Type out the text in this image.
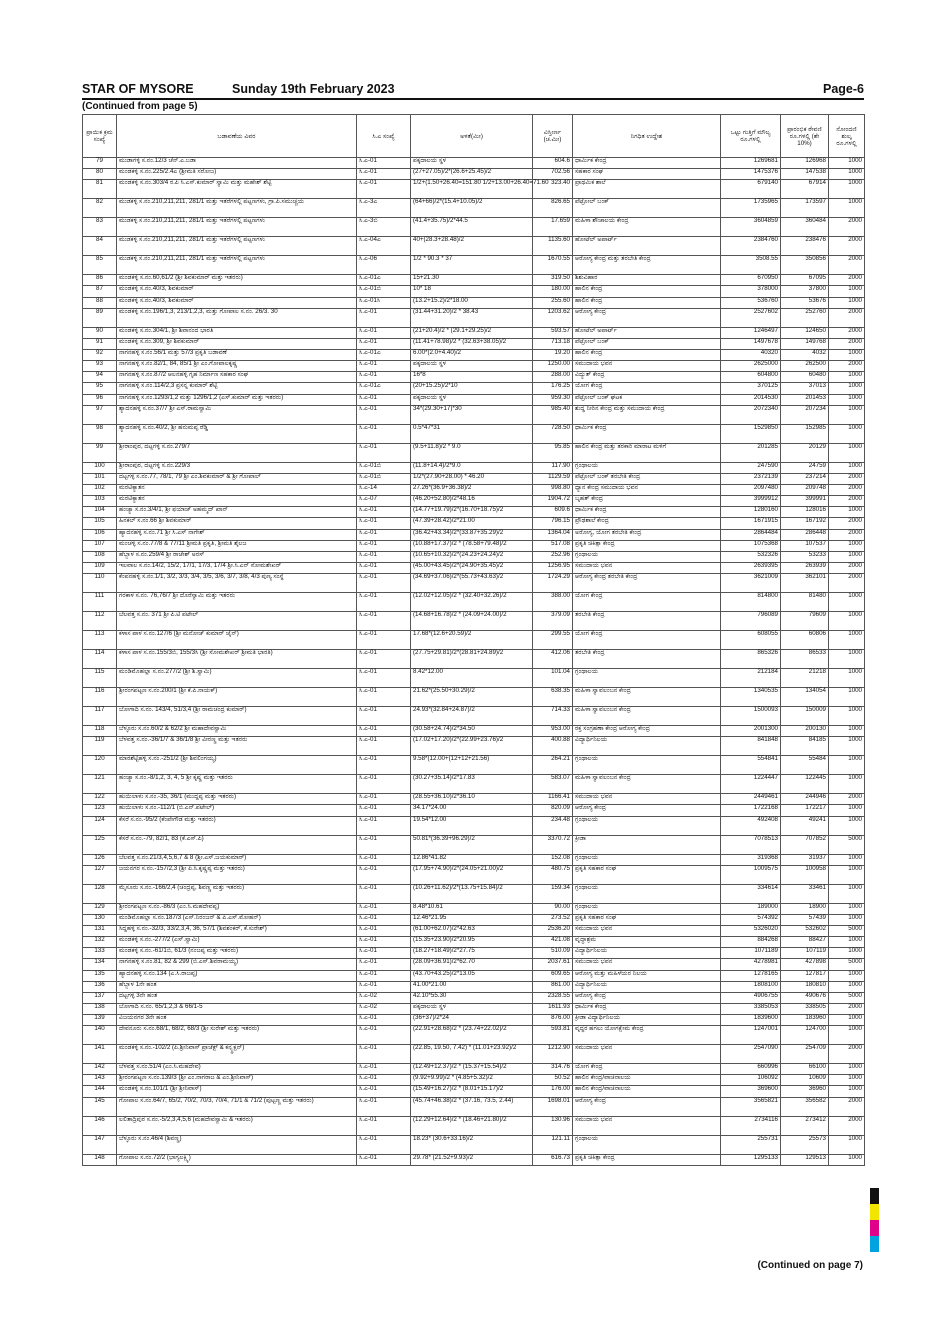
STAR OF MYSORE	Sunday 19th February 2023	Page-6
(Continued from page 5)
ಪ್ರಾಯಿಕ ಕ್ರಮ ಸಂಖ್ಯೆ	ಬಡಾವಣೆಯ ವಿವರ	ಸಿ.ಎ ಸಂಖ್ಯೆ	ಅಳತೆ(ಮೀ)	ವಿಸ್ತೀರ್ಣ (ಚ.ಮೀ)	ನಿಗಧಿತ ಉದ್ದೇಶ	ಒಟ್ಟು ಗುತ್ತಿಗೆ ಮೌಲ್ಯ ರೂ.ಗಳಲ್ಲಿ	ಪ್ರಾರಂಭಿಕ ಠೇವಣಿ ರೂ.ಗಳಲ್ಲಿ (ಶೇ 10%)	ನೋಂದಣಿ ಶುಲ್ಕ ರೂ.ಗಳಲ್ಲಿ
79	ಮುಡಾಗಳ್ಳಿ ಸ.ನಂ.12/3 ಚೆನ್.ಎ.ಬಡಾ	ಸಿ.ಎ-01	ಪಕ್ಕದಾಲಯ ಸ್ಥಳ	604.6	ಧಾರ್ಮಿಕ ಕೇಂದ್ರ	1269681	126968	1000
80	ಮಂಡಕಳ್ಳಿ ಸ.ನಂ.225/2.4ಎ (ಶ್ರೀಮತಿ ಸರೋಜ)	ಸಿ.ಎ-01	(27+27.05)/2*(26.6+25.45)/2	702.56	ಸಹಕಾರ ಸಂಘ	1475376	147538	1000
81	ಮಂಡಕಳ್ಳಿ ಸ.ನಂ.303/4 ರ.ಪಿ ಸಿ.ಎಸ್.ಕುಮಾರ್ ಸ್ವಾಮಿ ಮತ್ತು ಮಹೇಶ್ ಶೆಟ್ಟಿ	ಸಿ.ಎ-01	1/2+(1.50+26.40=151.80 1/2+13.00+26.40=71.60	323.40	ಪ್ರಾಥಮಿಕ ಶಾಲೆ	679140	67914	1000
82	ಮುಡಕಳ್ಳಿ ಸ.ನಂ.210,211,211, 281/1 ಮತ್ತು ಇತರೆಗಳಲ್ಲಿ ಪಟ್ಟಣಗಳು, ಗ್ರಾ.ಪಿ.ಸಮುಚ್ಚಯ	ಸಿ.ಎ-3ಎ	(64+66)/2*(15.4+10.05)/2	826.65	ಪೆಟ್ರೋಲ್ ಬಂಕ್	1735965	173597	1000
83	ಮುಡಕಳ್ಳಿ ಸ.ನಂ.210,211,211, 281/1 ಮತ್ತು ಇತರೆಗಳಲ್ಲಿ ಪಟ್ಟಣಗಳು	ಸಿ.ಎ-3ಬಿ	(41.4+35.75)/2*44.5	17.659	ಮಹಿಳಾ ಶೌಚಾಲಯ ಕೇಂದ್ರ	3604859	360484	2000
84	ಮುಡಕಳ್ಳಿ ಸ.ನಂ.210,211,211, 281/1 ಮತ್ತು ಇತರೆಗಳಲ್ಲಿ ಪಟ್ಟಣಗಳು	ಸಿ.ಎ-04ಎ	40+(28.3+28.48)/2	1135.60	ಹೋಟೆಲ್ ಅಪಾರ್ಟ್	2384760	238476	2000
85	ಮುಡಕಳ್ಳಿ ಸ.ನಂ.210,211,211, 281/1 ಮತ್ತು ಇತರೆಗಳಲ್ಲಿ ಪಟ್ಟಣಗಳು	ಸಿ.ಎ-06	1/2 * 90.3 * 37	1670.55	ಆರೋಗ್ಯ ಕೇಂದ್ರ ಮತ್ತು ತರಬೇತಿ ಕೇಂದ್ರ	3508.55	350856	2000
86	ಮಂಡಕಳ್ಳಿ ಸ.ನಂ.60,61/2 (ಶ್ರೀ ಶಿವಕುಮಾರ್ ಮತ್ತು ಇತರರು)	ಸಿ.ಎ-01ಎ	15+21.30	319.50	ಶಿಶುವಿಹಾರ	670950	67095	2000
87	ಮಂಡಕಳ್ಳಿ ಸ.ನಂ.40/3, ಶಿವಕುಮಾರ್	ಸಿ.ಎ-01ಬಿ	10* 18	180.00	ಹಾಲಿನ ಕೇಂದ್ರ	378000	37800	1000
88	ಮಂಡಕಳ್ಳಿ ಸ.ನಂ.40/3, ಶಿವಕುಮಾರ್	ಸಿ.ಎ-01ಸಿ	(13.2+15.2)/2*18.00	255.60	ಹಾಲಿನ ಕೇಂದ್ರ	536760	53676	1000
89	ಮಂಡಕಳ್ಳಿ ಸ.ನಂ.196/1,3, 213/1,2,3, ಮತ್ತು ಗೋಪಾಲ ಸ.ನಂ. 26/3. 30	ಸಿ.ಎ-01	(31.44+31.20)/2 * 38.43	1203.62	ಆರೋಗ್ಯ ಕೇಂದ್ರ	2527602	252760	2000
90	ಮಂಡಕಳ್ಳಿ ಸ.ನಂ.304/1, ಶ್ರೀ ಶಿವಾನಂದ ಭಾರತಿ	ಸಿ.ಎ-01	(21+20.4)/2 * (29.1+29.25)/2	593.57	ಹೋಟೆಲ್ ಅಪಾರ್ಟ್	1246497	124650	2000
91	ಮಂಡಕಳ್ಳಿ ಸ.ನಂ.309, ಶ್ರೀ ಶಿವಕುಮಾರ್	ಸಿ.ಎ-01	(11.41+78.98)/2 * (32.63+38.05)/2	713.18	ಪೆಟ್ರೋಲ್ ಬಂಕ್	1497678	149768	2000
92	ನಾಗನಹಳ್ಳಿ ಸ.ನಂ.56/1 ಮತ್ತು 57/3 ಪ್ರಕೃತಿ ಬಡಾವಣೆ	ಸಿ.ಎ-01ಎ	6.00*(2.0+4.40)/2	19.20	ಹಾಲಿನ ಕೇಂದ್ರ	40320	4032	1000
93	ನಾಗನಹಳ್ಳಿ ಸ.ನಂ.82/1, 84, 85/1 ಶ್ರೀ ಎಂ.ಗೋಪಾಲಕೃಷ್ಣ	ಸಿ.ಎ-01	ಪಕ್ಕದಾಲಯ ಸ್ಥಳ	1250.00	ಸಮುದಾಯ ಭವನ	2625000	262500	2000
94	ನಾಗನಹಳ್ಳಿ ಸ.ನಂ.87/2 ಆಲನಹಳ್ಳಿ ಗೃಹ ನಿರ್ಮಾಣ ಸಹಕಾರ ಸಂಘ	ಸಿ.ಎ-01	16*8	288.00	ವಿದ್ಯುತ್ ಕೇಂದ್ರ	604800	60480	1000
95	ನಾಗನಹಳ್ಳಿ ಸ.ನಂ.114/2,3 ಪ್ರಸನ್ನ ಕುಮಾರ್ ಶೆಟ್ಟಿ	ಸಿ.ಎ-01ಎ	(20+15.25)/2*10	176.25	ಯೋಗ ಕೇಂದ್ರ	370125	37013	1000
96	ನಾಗನಹಳ್ಳಿ ಸ.ನಂ.1293/1,2 ಮತ್ತು 1296/1,2 (ಎಸ್.ಕುಮಾರ್ ಮತ್ತು ಇತರರು)	ಸಿ.ಎ-01	ಪಕ್ಕದಾಲಯ ಸ್ಥಳ	959.30	ಪೆಟ್ರೋಲ್ ಬಂಕ್ ಘಟಕ	2014530	201453	1000
97	ಶ್ಯಾದನಹಳ್ಳಿ ಸ.ನಂ.37/7 ಶ್ರೀ ಎಸ್.ರಾಮಸ್ವಾಮಿ	ಸಿ.ಎ-01	34*(29.30+17)*30	985.40	ಶುದ್ಧ ನೀರಿನ ಕೇಂದ್ರ ಮತ್ತು ಸಮುದಾಯ ಕೇಂದ್ರ	2072340	207234	1000
98	ಶ್ಯಾದನಹಳ್ಳಿ ಸ.ನಂ.40/2, ಶ್ರೀ ಹನುಮಪ್ಪ ರೆಡ್ಡಿ	ಸಿ.ಎ-01	0.5*47*31	728.50	ಧಾರ್ಮಿಕ ಕೇಂದ್ರ	1529850	152985	1000
99	ಶ್ರೀರಾಂಪುರ, ದಟ್ಟಗಳ್ಳಿ ಸ.ನಂ.279/7	ಸಿ.ಎ-01	(9.5+11.8)/2 * 9.0	95.85	ಹಾಲಿನ ಕೇಂದ್ರ ಮತ್ತು ತರಕಾರಿ ಮಾರಾಟ ಮಳಿಗೆ	201285	20129	1000
100	ಶ್ರೀರಾಂಪುರ, ದಟ್ಟಗಳ್ಳಿ ಸ.ನಂ.229/3	ಸಿ.ಎ-01ಬಿ	(11.8+14.4)/2*9.0	117.90	ಗ್ರಂಥಾಲಯ	247590	24759	1000
101	ದಟ್ಟಗಳ್ಳಿ ಸ.ನಂ.77, 78/1, 79 ಶ್ರೀ ಎಂ.ಶಿವಕುಮಾರ್ & ಶ್ರೀ ಗೋಪಾಲ್	ಸಿ.ಎ-01ಬಿ	1/2*(27.90+28.00) * 46.20	1129.59	ಪೆಟ್ರೋಲ್ ಬಂಕ್ ತರಬೇತಿ ಕೇಂದ್ರ	2372139	237214	2000
102	ಮರಟಿಕ್ಯಾತನ	ಸಿ.ಎ-14	27.26*(36.9+36.38)/2	998.80	ಧ್ಯಾನ ಕೇಂದ್ರ ಸಮುದಾಯ ಭವನ	2097480	209748	2000
103	ಮರಟಿಕ್ಯಾತನ	ಸಿ.ಎ-07	(46.20+52.80)/2*48.16	1904.72	ಬೃಹತ್ ಕೇಂದ್ರ	3999912	399991	2000
104	ಹಂಚ್ಯಾ ಸ.ನಂ.3/4/1, ಶ್ರೀ ಫಯಾಜ್ ಅಹಮ್ಮದ್ ಖಾನ್	ಸಿ.ಎ-01	(14.77+19.79)/2*(16.70+18.75)/2	609.6	ಧಾರ್ಮಿಕ ಕೇಂದ್ರ	1280160	128016	1000
105	ಹಿನಕಲ್ ಸ.ನಂ.66 ಶ್ರೀ ಶಿವಕುಮಾರ್	ಸಿ.ಎ-01	(47.39+28.42)/2*21.00	796.15	ಪ್ರೌಢಶಾಲೆ ಕೇಂದ್ರ	1671915	167192	2000
106	ಹ್ಯಾದನಹಳ್ಳಿ ಸ.ನಂ.71 ಶ್ರೀ ಸಿ.ಎಸ್ ನಾಗೇಶ್	ಸಿ.ಎ-01	(36.42+43.34)/2*(33.87+35.29)/2	1364.04	ಅರೋಗ್ಯ, ಯೋಗ ತರಬೇತಿ ಕೇಂದ್ರ	2864484	286448	2000
107	ಮಂಚಳ್ಳಿ ಸ.ನಂ.77/8 & 77/11 ಶ್ರೀಮತಿ ಪ್ರಕೃತಿ, ಶ್ರೀಮತಿ ಶೈಲಜ	ಸಿ.ಎ-01	(10.88+17.37)/2 * (78.58+79.48)/2	517.08	ಪ್ರಕೃತಿ ಚಿಕಿತ್ಸಾ ಕೇಂದ್ರ	1075368	107537	1000
108	ಹೆಬ್ಬಾಳ ಸ.ನಂ.259/4 ಶ್ರೀ ರಾಜೇಶ್ ಅರಸ್	ಸಿ.ಎ-01	(10.65+10.32)/2*(24.23+24.24)/2	252.96	ಗ್ರಂಥಾಲಯ	532326	53233	1000
109	ಇಲವಾಲ ಸ.ನಂ.14/2, 15/2, 17/1, 17/3, 17/4 ಶ್ರೀ.ಸಿ.ಎನ್ ಸೋಮಶೇಖರ್	ಸಿ.ಎ-01	(45.00+43.45)/2*(24.90+35.45)/2	1256.95	ಸಮುದಾಯ ಭವನ	2639395	263939	2000
110	ಕೆಂಪನಹಳ್ಳಿ ಸ.ನಂ.1/1, 3/2, 3/3, 3/4, 3/5, 3/6, 3/7, 3/8, 4/3 ಪುಣ್ಯ ಸಂಸ್ಥೆ	ಸಿ.ಎ-01	(34.69+37.06)/2*(55.73+43.63)/2	1724.29	ಆರೋಗ್ಯ ಕೇಂದ್ರ ತರಬೇತಿ ಕೇಂದ್ರ	3621009	362101	2000
111	ಗರಕಾಳ ಸ.ನಂ. 76,76/7 ಶ್ರೀ ದೊರೆಸ್ವಾಮಿ ಮತ್ತು ಇತರರು	ಸಿ.ಎ-01	(12.02+12.05)/2 * (32.40+32.26)/2	388.00	ಯೋಗ ಕೇಂದ್ರ	814800	81480	1000
112	ಬೆಲವತ್ತ ಸ.ನಂ. 371 ಶ್ರೀ ಪಿ.ಟಿ ಪಟೇಲ್	ಸಿ.ಎ-01	(14.68+16.78)/2 * (24.09+24.00)/2	379.09	ತರಬೇತಿ ಕೇಂದ್ರ	796089	79609	1000
113	ಕಳಾಸ ಪಾಳ ಸ.ನಂ.127/6 (ಶ್ರೀ ಮನೋಜ್ ಕುಮಾರ್ ಜೈನ್)	ಸಿ.ಎ-01	17.68*(12.6+20.59)/2	299.55	ಯೋಗ ಕೇಂದ್ರ	608055	60806	1000
114	ಕಳಾಸ ಪಾಳ ಸ.ನಂ.155/3ಬಿ, 155/3ಸಿ (ಶ್ರೀ ಸೋಮಶೇಖರ್ ಶ್ರೀಮತಿ ಭಾರತಿ)	ಸಿ.ಎ-01	(27.75+29.81)/2*(28.81+24.89)/2	412.06	ತರಬೇತಿ ಕೇಂದ್ರ	865326	86533	1000
115	ಮಂಡಿಮೊಹಲ್ಲಾ ಸ.ನಂ.277/2 (ಶ್ರೀ ಶಿ.ಸ್ವಾಮಿ)	ಸಿ.ಎ-01	8.42*12.00	101.04	ಗ್ರಂಥಾಲಯ	212184	21218	1000
116	ಶ್ರೀರಂಗಪಟ್ಟಣ ಸ.ನಂ.200/1 (ಶ್ರೀ ಕೆ.ಪಿ.ನಾಯಕ್)	ಸಿ.ಎ-01	21.62*(25.50+30.29)/2	638.35	ಮಹಿಳಾ ಸ್ವಾವಲಂಬನ ಕೇಂದ್ರ	1340535	134054	1000
117	ಬೋಗಾದಿ ಸ.ನಂ. 143/4, 51/3,4 (ಶ್ರೀ ರಾಮಚಂದ್ರ ಕುಮಾರ್)	ಸಿ.ಎ-01	24.93*(32.84+24.87)/2	714.33	ಮಹಿಳಾ ಸ್ವಾವಲಂಬನ ಕೇಂದ್ರ	1500093	150009	1000
118	ಬೆಳ್ಳೂರು ಸ.ನಂ.60/2 & 62/2 ಶ್ರೀ ಮಹಾದೇವಸ್ವಾಮಿ	ಸಿ.ಎ-01	(30.58+24.74)/2*34.50	953.00	ರಕ್ತ ಸಂಗ್ರಹಣಾ ಕೇಂದ್ರ ಆರೋಗ್ಯ ಕೇಂದ್ರ	2001300	200130	1000
119	ಬೆಳವತ್ತ ಸ.ನಂ.-36/1/7 & 36/1/8 ಶ್ರೀ ವೀರಣ್ಣ ಮತ್ತು ಇತರರು	ಸಿ.ಎ-01	(17.02+17.20)/2*(22.99+23.76)/2	400.88	ವಿದ್ಯಾರ್ಥಿನಿಲಯ	841848	84185	1000
120	ಮಾರಶೆಟ್ಟಿಹಳ್ಳಿ ಸ.ನಂ.-251/2 (ಶ್ರೀ ಶಿವಲಿಂಗಯ್ಯ)	ಸಿ.ಎ-01	9.58*(12.00+(12+12+21.56)	264.21	ಗ್ರಂಥಾಲಯ	554841	55484	1000
121	ಹಂಚ್ಯಾ ಸ.ನಂ.-8/1,2, 3, 4, 5 ಶ್ರೀ ಕೃಷ್ಣ ಮತ್ತು ಇತರರು	ಸಿ.ಎ-01	(30.27+35.14)/2*17.83	583.07	ಮಹಿಳಾ ಸ್ವಾವಲಂಬನ ಕೇಂದ್ರ	1224447	122445	1000
122	ಹುಯಿಲಾಳು ಸ.ನಂ.-35, 36/1 (ಮುದ್ದಪ್ಪ ಮತ್ತು ಇತರರು)	ಸಿ.ಎ-01	(28.55+36.10)/2*36.10	1166.41	ಸಮುದಾಯ ಭವನ	2449461	244946	2000
123	ಹುಯಿಲಾಳು ಸ.ನಂ.-112/1 (ಬಿ.ಎನ್.ಪಟೇಲ್)	ಸಿ.ಎ-01	34.17*24.00	820.09	ಆರೋಗ್ಯ ಕೇಂದ್ರ	1722168	172217	1000
124	ಕೆಸರೆ ಸ.ನಂ.-95/2 (ಕೆಂಪೇಗೌಡ ಮತ್ತು ಇತರರು)	ಸಿ.ಎ-01	19.54*12.00	234.48	ಗ್ರಂಥಾಲಯ	492408	49241	1000
125	ಕೆಸರೆ ಸ.ನಂ.-79, 82/1, 83 (ಕೆ.ಎಸ್.ಪಿ)	ಸಿ.ಎ-01	50.81*(36.39+96.29)/2	3370.72	ಕ್ರೀಡಾ	7078513	707852	5000
126	ಬೆಲವತ್ತ ಸ.ನಂ.21/3,4,5,6,7 & 8 (ಶ್ರೀ.ಎಸ್.ಜಯಕುಮಾರ್)	ಸಿ.ಎ-01	12.86*41.82	152.08	ಗ್ರಂಥಾಲಯ	319368	31937	1000
127	ಜಯನಗರ ಸ.ನಂ.-157/2,3 (ಶ್ರೀ ಪಿ.ಸಿ.ಕೃಷ್ಣಪ್ಪ ಮತ್ತು ಇತರರು)	ಸಿ.ಎ-01	(17.95+74.90)/2*(24.05+21.00)/2	480.75	ಪ್ರಕೃತಿ ಸಹಕಾರ ಸಂಘ	1009575	100958	1000
128	ಮೈಸೂರು ಸ.ನಂ.-166/2,4 (ಚಂದ್ರಪ್ಪ, ಶಿವಣ್ಣ ಮತ್ತು ಇತರರು)	ಸಿ.ಎ-01	(10.26+11.62)/2*(13.75+15.84)/2	159.34	ಗ್ರಂಥಾಲಯ	334614	33461	1000
129	ಶ್ರೀರಂಗಪಟ್ಟಣ ಸ.ನಂ.-86/3 (ಎಂ.ಸಿ.ಮಹದೇವಪ್ಪ)	ಸಿ.ಎ-01	8.48*10.61	90.00	ಗ್ರಂಥಾಲಯ	189000	18900	1000
130	ಮಂಡಿಮೊಹಲ್ಲಾ ಸ.ನಂ.187/3 (ಎಸ್.ನಿರಂಜನ್ & ಪಿ.ಎಸ್.ಮೋಹನ್)	ಸಿ.ಎ-01	12.46*21.95	273.52	ಪ್ರಕೃತಿ ಸಹಕಾರ ಸಂಘ	574392	57439	1000
131	ಸಿದ್ದಹಳ್ಳಿ ಸ.ನಂ.-32/3, 33/2,3,4, 36, 57/1 (ಶಿವಶಂಕರ್, ಕೆ.ಸುರೇಶ್)	ಸಿ.ಎ-01	(61.00+62.07)/2*42.63	2536.20	ಸಮುದಾಯ ಭವನ	5326020	532602	5000
132	ಮಂಡಕಳ್ಳಿ ಸ.ನಂ.-277/2 (ಎಸ್.ಸ್ವಾಮಿ)	ಸಿ.ಎ-01	(15.35+23.90)/2*20.95	421.08	ವೃದ್ಧಾಶ್ರಮ	884268	88427	1000
133	ಮಂಡಕಳ್ಳಿ ಸ.ನಂ.-61/1ಬಿ, 61/3 (ನಂಜಪ್ಪ ಮತ್ತು ಇತರರು)	ಸಿ.ಎ-01	(18.27+18.49)/2*27.75	510.09	ವಿದ್ಯಾರ್ಥಿನಿಲಯ	1071189	107119	1000
134	ನಾಗನಹಳ್ಳಿ ಸ.ನಂ.81, 82 & 299 (ಬಿ.ಎಸ್.ಶಿವರಾಮಯ್ಯ)	ಸಿ.ಎ-01	(28.09+36.91)/2*62.70	2037.61	ಸಮುದಾಯ ಭವನ	4278981	427898	5000
135	ಹ್ಯಾದನಹಳ್ಳಿ ಸ.ನಂ.134 (ಎ.ಸಿ.ರಾಜಪ್ಪ)	ಸಿ.ಎ-01	(43.70+43.25)/2*13.05	609.65	ಆರೋಗ್ಯ ಮತ್ತು ಮಹಿಳೆಯರ ನಿಲಯ	1278165	127817	1000
136	ಹೆಬ್ಬಾಳ 1ನೇ ಹಂತ	ಸಿ.ಎ-01	41.00*21.00	861.00	ವಿದ್ಯಾರ್ಥಿನಿಲಯ	1808100	180810	1000
137	ದಟ್ಟಗಳ್ಳಿ 3ನೇ ಹಂತ	ಸಿ.ಎ-02	42.10*55.30	2328.55	ಆರೋಗ್ಯ ಕೇಂದ್ರ	4906755	490676	5000
138	ಬೋಗಾದಿ ಸ.ನಂ. 65/1,2,3 & 66/1-5	ಸಿ.ಎ-02	ಪಕ್ಕದಾಲಯ ಸ್ಥಳ	1611.93	ಧಾರ್ಮಿಕ ಕೇಂದ್ರ	3385053	338505	2000
139	ವಿಜಯನಗರ 3ನೇ ಹಂತ	ಸಿ.ಎ-01	(36+37)/2*24	876.00	ಕ್ರೀಡಾ ವಿದ್ಯಾರ್ಥಿನಿಲಯ	1839600	183960	1000
140	ದೇವನೂರು ಸ.ನಂ.68/1, 68/2, 68/3 (ಶ್ರೀ ಸುರೇಶ್ ಮತ್ತು ಇತರರು)	ಸಿ.ಎ-01	(22.91+28.68)/2 * (23.74+22.02)/2	593.81	ವೃದ್ಧರ ಹಗಲು ಯೋಗಕ್ಷೇಮ ಕೇಂದ್ರ	1247001	124700	1000
141	ಮಂಡಕಳ್ಳಿ ಸ.ನಂ.-102/2 (ಪಿ.ಶ್ರೀನಿವಾಸ್ ಪ್ರಾಜೆಕ್ಟ್ & ಕನ್ಸ್ಟ್ರಕ್ಷನ್)	ಸಿ.ಎ-01	(22.85, 19.50, 7.42) * (11.01+23.92)/2	1212.90	ಸಮುದಾಯ ಭವನ	2547090	254709	2000
142	ಬೆಳವತ್ತ ಸ.ನಂ.51/4 (ಎಂ.ಸಿ.ಮಹದೇವ)	ಸಿ.ಎ-01	(12.49+12.37)/2 * (15.37+15.54)/2	314.76	ಯೋಗ ಕೇಂದ್ರ	660996	66100	1000
143	ಶ್ರೀರಂಗಪಟ್ಟಣ ಸ.ನಂ.139/3 (ಶ್ರೀ ಎಂ.ನಾಗರಾಜ & ಎಂ.ಶ್ರೀನಿವಾಸ್)	ಸಿ.ಎ-01	(9.92+9.99)/2 * (4.85+5.32)/2	50.52	ಹಾಲಿನ ಕೇಂದ್ರ/ವಾಚನಾಲಯ	106092	10609	1000
144	ಮಂಡಕಳ್ಳಿ ಸ.ನಂ.101/1 (ಶ್ರೀ ಶ್ರೀನಿವಾಸ್)	ಸಿ.ಎ-01	(15.49+16.27)/2 * (8.01+15.17)/2	176.00	ಹಾಲಿನ ಕೇಂದ್ರ/ವಾಚನಾಲಯ	369600	36960	1000
145	ಗೋಪಾಲ ಸ.ನಂ.64/7, 65/2, 70/2, 70/3, 70/4, 71/1 & 71/2 (ಪುಟ್ಟಣ್ಣ ಮತ್ತು ಇತರರು)	ಸಿ.ಎ-01	(45.74+46.38)/2 * (37.16, 73.5, 2.44)	1698.01	ಆರೋಗ್ಯ ಕೇಂದ್ರ	3565821	356582	2000
146	ಲಲಿತಾದ್ರಿಪುರ ಸ.ನಂ.-5/2,3,4,5,6 (ಮಹದೇವಸ್ವಾಮಿ & ಇತರರು)	ಸಿ.ಎ-01	(12.29+12.64)/2 * (18.46+21.80)/2	130.96	ಸಮುದಾಯ ಭವನ	2734116	273412	2000
147	ಬೆಳ್ಳೂರು ಸ.ನಂ.46/4 (ಶಿವಣ್ಣ)	ಸಿ.ಎ-01	18.23* (30.6+33.16)/2	121.11	ಗ್ರಂಥಾಲಯ	255731	25573	1000
148	ಗೋಪಾಲ ಸ.ನಂ.72/2 (ಭಾಗ್ಯಲಕ್ಷ್ಮಿ)	ಸಿ.ಎ-01	29.78* (21.52+9.93)/2	616.73	ಪ್ರಕೃತಿ ಚಿಕಿತ್ಸಾ ಕೇಂದ್ರ	1295133	129513	1000
(Continued on page 7)
